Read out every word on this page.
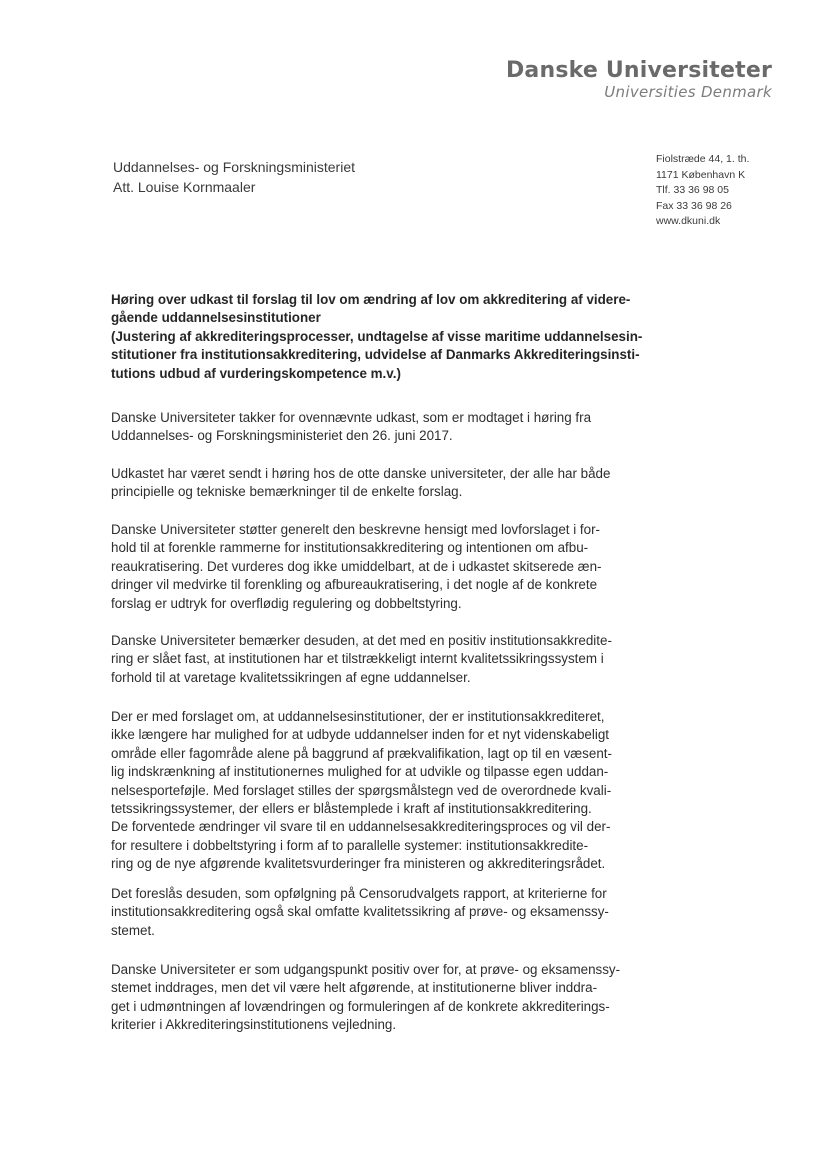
Danske Universiteter
Universities Denmark
Uddannelses- og Forskningsministeriet
Att. Louise Kornmaaler
Fiolstræde 44, 1. th.
1171 København K
Tlf. 33 36 98 05
Fax 33 36 98 26
www.dkuni.dk
Høring over udkast til forslag til lov om ændring af lov om akkreditering af videre-
gående uddannelsesinstitutioner
(Justering af akkrediteringsprocesser, undtagelse af visse maritime uddannelsesin-
stitutioner fra institutionsakkreditering, udvidelse af Danmarks Akkrediteringsinsti-
tutions udbud af vurderingskompetence m.v.)
Danske Universiteter takker for ovennævnte udkast, som er modtaget i høring fra
Uddannelses- og Forskningsministeriet den 26. juni 2017.
Udkastet har været sendt i høring hos de otte danske universiteter, der alle har både
principielle og tekniske bemærkninger til de enkelte forslag.
Danske Universiteter støtter generelt den beskrevne hensigt med lovforslaget i for-
hold til at forenkle rammerne for institutionsakkreditering og intentionen om afbu-
reaukratisering. Det vurderes dog ikke umiddelbart, at de i udkastet skitserede æn-
dringer vil medvirke til forenkling og afbureaukratisering, i det nogle af de konkrete
forslag er udtryk for overflødig regulering og dobbeltstyring.
Danske Universiteter bemærker desuden, at det med en positiv institutionsakkredite-
ring er slået fast, at institutionen har et tilstrækkeligt internt kvalitetssikringssystem i
forhold til at varetage kvalitetssikringen af egne uddannelser.
Der er med forslaget om, at uddannelsesinstitutioner, der er institutionsakkrediteret,
ikke længere har mulighed for at udbyde uddannelser inden for et nyt videnskabeligt
område eller fagområde alene på baggrund af prækvalifikation, lagt op til en væsent-
lig indskrænkning af institutionernes mulighed for at udvikle og tilpasse egen uddan-
nelsesporteføjle. Med forslaget stilles der spørgsmålstegn ved de overordnede kvali-
tetssikringssystemer, der ellers er blåstemplede i kraft af institutionsakkreditering.
De forventede ændringer vil svare til en uddannelsesakkrediteringsproces og vil der-
for resultere i dobbeltstyring i form af to parallelle systemer: institutionsakkredite-
ring og de nye afgørende kvalitetsvurderinger fra ministeren og akkrediteringsrådet.
Det foreslås desuden, som opfølgning på Censorudvalgets rapport, at kriterierne for
institutionsakkreditering også skal omfatte kvalitetssikring af prøve- og eksamenssy-
stemet.
Danske Universiteter er som udgangspunkt positiv over for, at prøve- og eksamenssy-
stemet inddrages, men det vil være helt afgørende, at institutionerne bliver inddra-
get i udmøntningen af lovændringen og formuleringen af de konkrete akkrediterings-
kriterier i Akkrediteringsinstitutionens vejledning.
